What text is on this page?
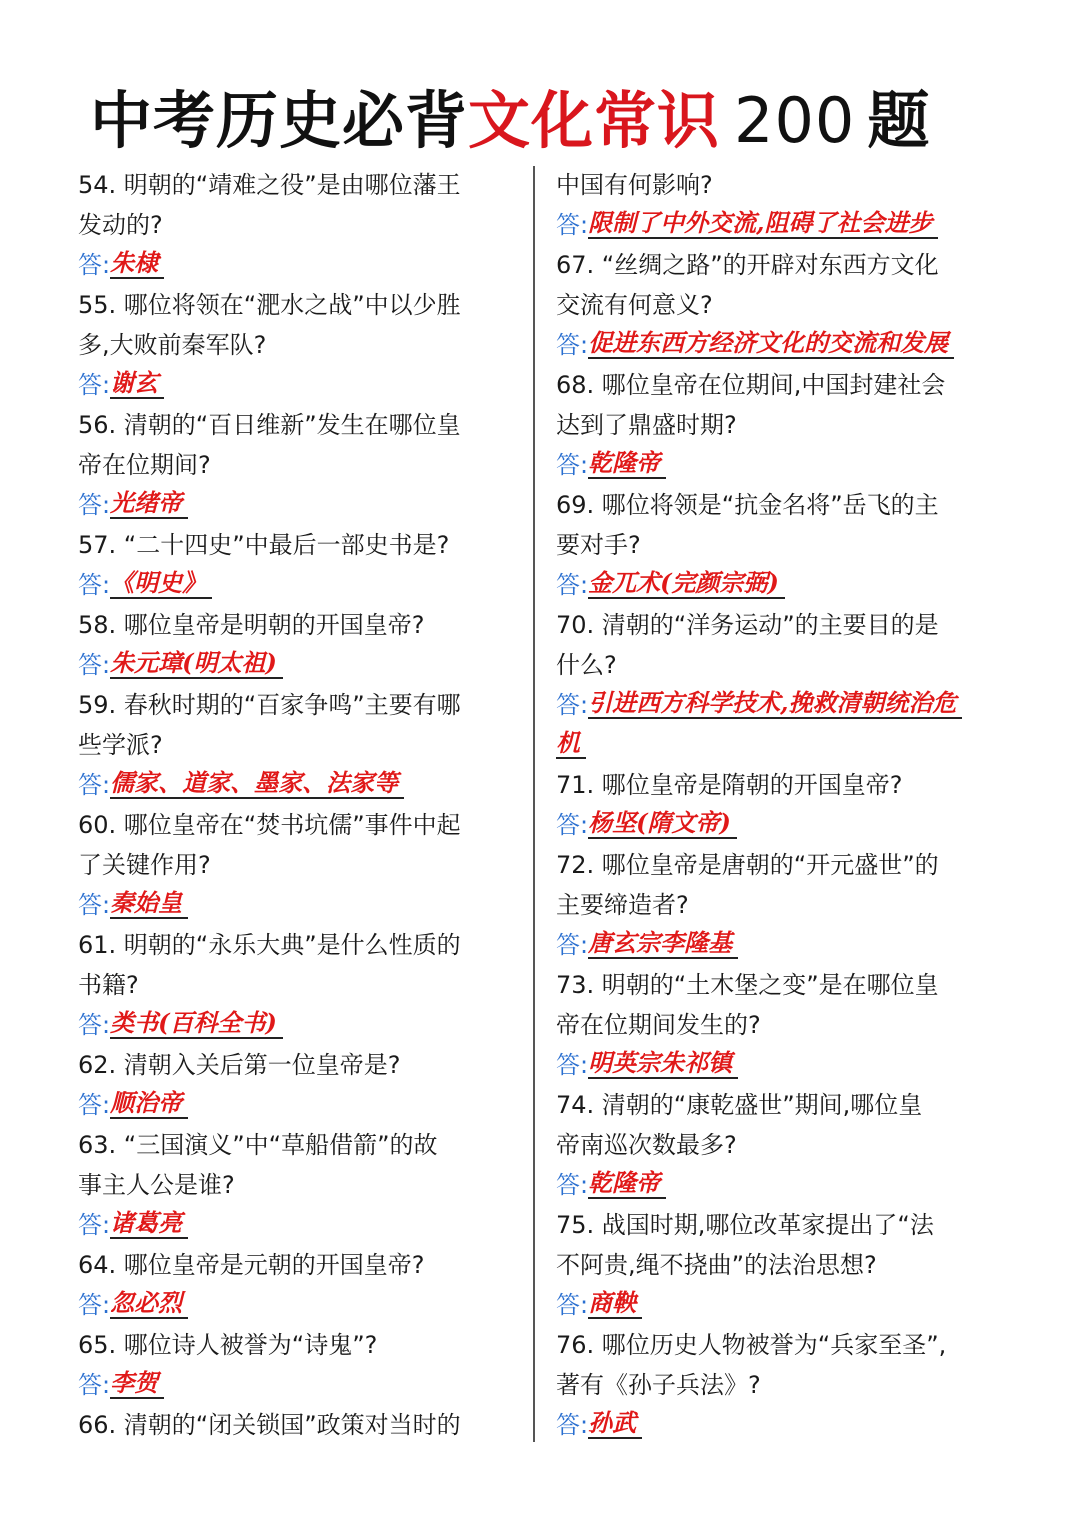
中考历史必背文化常识 200 题
54. 明朝的“靖难之役”是由哪位藩王
发动的?
答:朱棣
55. 哪位将领在“淝水之战”中以少胜
多,大败前秦军队?
答:谢玄
56. 清朝的“百日维新”发生在哪位皇
帝在位期间?
答:光绪帝
57. “二十四史”中最后一部史书是?
答:《明史》
58. 哪位皇帝是明朝的开国皇帝?
答:朱元璋(明太祖)
59. 春秋时期的“百家争鸣”主要有哪
些学派?
答:儒家、道家、墨家、法家等
60. 哪位皇帝在“焚书坑儒”事件中起
了关键作用?
答:秦始皇
61. 明朝的“永乐大典”是什么性质的
书籍?
答:类书(百科全书)
62. 清朝入关后第一位皇帝是?
答:顺治帝
63. “三国演义”中“草船借箭”的故
事主人公是谁?
答:诸葛亮
64. 哪位皇帝是元朝的开国皇帝?
答:忽必烈
65. 哪位诗人被誉为“诗鬼”?
答:李贺
66. 清朝的“闭关锁国”政策对当时的
中国有何影响?
答:限制了中外交流,阻碍了社会进步
67. “丝绸之路”的开辟对东西方文化
交流有何意义?
答:促进东西方经济文化的交流和发展
68. 哪位皇帝在位期间,中国封建社会
达到了鼎盛时期?
答:乾隆帝
69. 哪位将领是“抗金名将”岳飞的主
要对手?
答:金兀术(完颜宗弼)
70. 清朝的“洋务运动”的主要目的是
什么?
答:引进西方科学技术,挽救清朝统治危
机
71. 哪位皇帝是隋朝的开国皇帝?
答:杨坚(隋文帝)
72. 哪位皇帝是唐朝的“开元盛世”的
主要缔造者?
答:唐玄宗李隆基
73. 明朝的“土木堡之变”是在哪位皇
帝在位期间发生的?
答:明英宗朱祁镇
74. 清朝的“康乾盛世”期间,哪位皇
帝南巡次数最多?
答:乾隆帝
75. 战国时期,哪位改革家提出了“法
不阿贵,绳不挠曲”的法治思想?
答:商鞅
76. 哪位历史人物被誉为“兵家至圣”,
著有《孙子兵法》?
答:孙武
